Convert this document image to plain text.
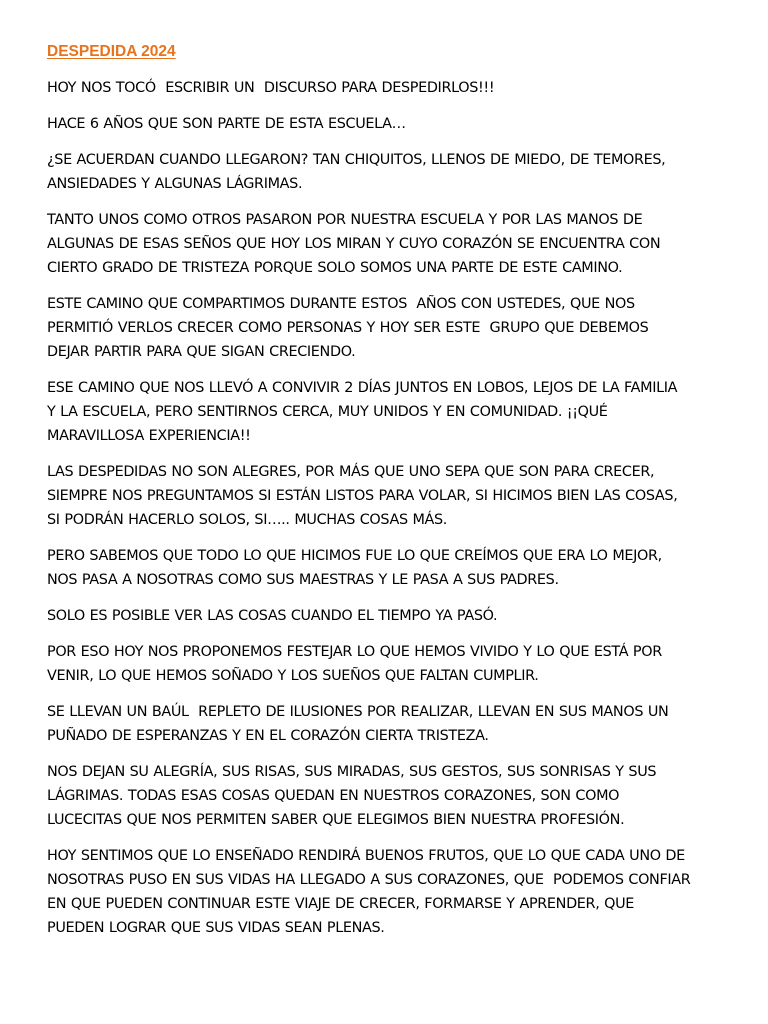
DESPEDIDA 2024

HOY NOS TOCÓ  ESCRIBIR UN  DISCURSO PARA DESPEDIRLOS!!!

HACE 6 AÑOS QUE SON PARTE DE ESTA ESCUELA…

¿SE ACUERDAN CUANDO LLEGARON? TAN CHIQUITOS, LLENOS DE MIEDO, DE TEMORES,
ANSIEDADES Y ALGUNAS LÁGRIMAS.

TANTO UNOS COMO OTROS PASARON POR NUESTRA ESCUELA Y POR LAS MANOS DE
ALGUNAS DE ESAS SEÑOS QUE HOY LOS MIRAN Y CUYO CORAZÓN SE ENCUENTRA CON
CIERTO GRADO DE TRISTEZA PORQUE SOLO SOMOS UNA PARTE DE ESTE CAMINO.

ESTE CAMINO QUE COMPARTIMOS DURANTE ESTOS  AÑOS CON USTEDES, QUE NOS
PERMITIÓ VERLOS CRECER COMO PERSONAS Y HOY SER ESTE  GRUPO QUE DEBEMOS
DEJAR PARTIR PARA QUE SIGAN CRECIENDO.

ESE CAMINO QUE NOS LLEVÓ A CONVIVIR 2 DÍAS JUNTOS EN LOBOS, LEJOS DE LA FAMILIA
Y LA ESCUELA, PERO SENTIRNOS CERCA, MUY UNIDOS Y EN COMUNIDAD. ¡¡QUÉ
MARAVILLOSA EXPERIENCIA!!

LAS DESPEDIDAS NO SON ALEGRES, POR MÁS QUE UNO SEPA QUE SON PARA CRECER,
SIEMPRE NOS PREGUNTAMOS SI ESTÁN LISTOS PARA VOLAR, SI HICIMOS BIEN LAS COSAS,
SI PODRÁN HACERLO SOLOS, SI….. MUCHAS COSAS MÁS.

PERO SABEMOS QUE TODO LO QUE HICIMOS FUE LO QUE CREÍMOS QUE ERA LO MEJOR,
NOS PASA A NOSOTRAS COMO SUS MAESTRAS Y LE PASA A SUS PADRES.

SOLO ES POSIBLE VER LAS COSAS CUANDO EL TIEMPO YA PASÓ.

POR ESO HOY NOS PROPONEMOS FESTEJAR LO QUE HEMOS VIVIDO Y LO QUE ESTÁ POR
VENIR, LO QUE HEMOS SOÑADO Y LOS SUEÑOS QUE FALTAN CUMPLIR.

SE LLEVAN UN BAÚL  REPLETO DE ILUSIONES POR REALIZAR, LLEVAN EN SUS MANOS UN
PUÑADO DE ESPERANZAS Y EN EL CORAZÓN CIERTA TRISTEZA.

NOS DEJAN SU ALEGRÍA, SUS RISAS, SUS MIRADAS, SUS GESTOS, SUS SONRISAS Y SUS
LÁGRIMAS. TODAS ESAS COSAS QUEDAN EN NUESTROS CORAZONES, SON COMO
LUCECITAS QUE NOS PERMITEN SABER QUE ELEGIMOS BIEN NUESTRA PROFESIÓN.

HOY SENTIMOS QUE LO ENSEÑADO RENDIRÁ BUENOS FRUTOS, QUE LO QUE CADA UNO DE
NOSOTRAS PUSO EN SUS VIDAS HA LLEGADO A SUS CORAZONES, QUE  PODEMOS CONFIAR
EN QUE PUEDEN CONTINUAR ESTE VIAJE DE CRECER, FORMARSE Y APRENDER, QUE
PUEDEN LOGRAR QUE SUS VIDAS SEAN PLENAS.
